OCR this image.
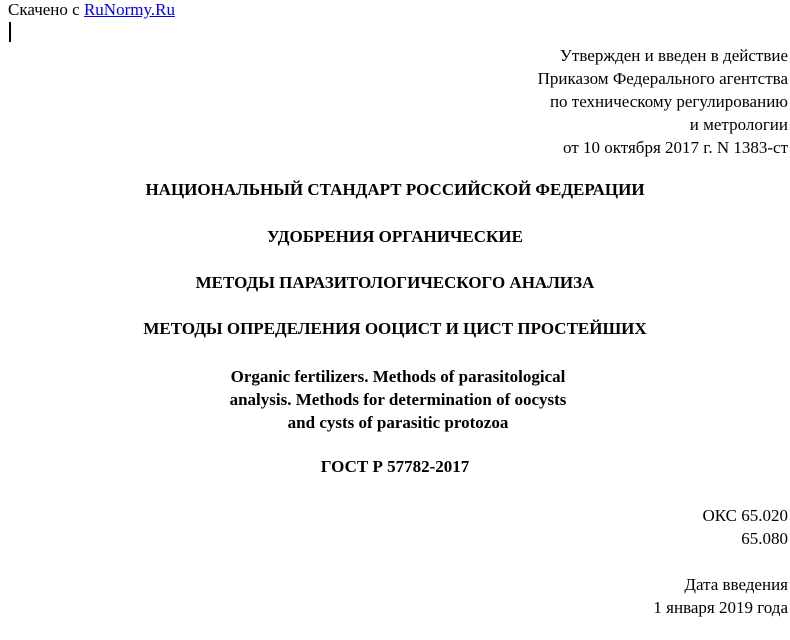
Скачено с RuNormy.Ru
Утвержден и введен в действие
Приказом Федерального агентства
по техническому регулированию
и метрологии
от 10 октября 2017 г. N 1383-ст
НАЦИОНАЛЬНЫЙ СТАНДАРТ РОССИЙСКОЙ ФЕДЕРАЦИИ
УДОБРЕНИЯ ОРГАНИЧЕСКИЕ
МЕТОДЫ ПАРАЗИТОЛОГИЧЕСКОГО АНАЛИЗА
МЕТОДЫ ОПРЕДЕЛЕНИЯ ООЦИСТ И ЦИСТ ПРОСТЕЙШИХ
Organic fertilizers. Methods of parasitological
analysis. Methods for determination of oocysts
and cysts of parasitic protozoa
ГОСТ Р 57782-2017
ОКС 65.020
65.080
Дата введения
1 января 2019 года
